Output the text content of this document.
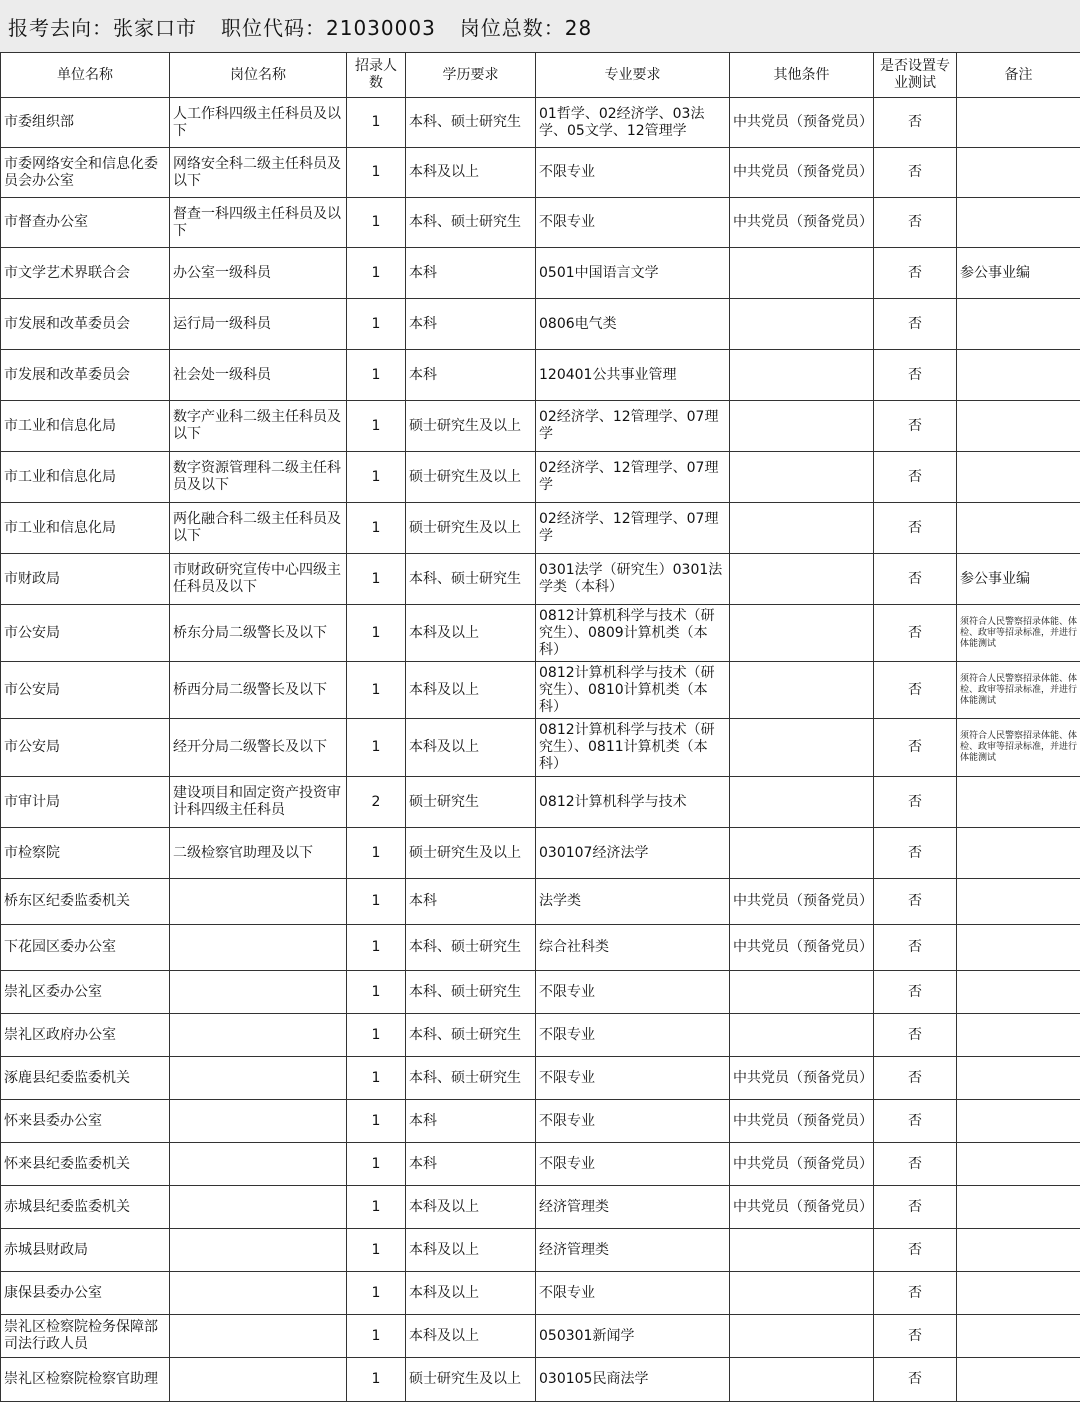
报考去向：张家口市 职位代码：21030003 岗位总数：28
单位名称	岗位名称	招录人数	学历要求	专业要求	其他条件	是否设置专业测试	备注
市委组织部	人工作科四级主任科员及以下	1	本科、硕士研究生	01哲学、02经济学、03法学、05文学、12管理学	中共党员（预备党员）	否	
市委网络安全和信息化委员会办公室	网络安全科二级主任科员及以下	1	本科及以上	不限专业	中共党员（预备党员）	否	
市督查办公室	督查一科四级主任科员及以下	1	本科、硕士研究生	不限专业	中共党员（预备党员）	否	
市文学艺术界联合会	办公室一级科员	1	本科	0501中国语言文学		否	参公事业编
市发展和改革委员会	运行局一级科员	1	本科	0806电气类		否	
市发展和改革委员会	社会处一级科员	1	本科	120401公共事业管理		否	
市工业和信息化局	数字产业科二级主任科员及以下	1	硕士研究生及以上	02经济学、12管理学、07理学		否	
市工业和信息化局	数字资源管理科二级主任科员及以下	1	硕士研究生及以上	02经济学、12管理学、07理学		否	
市工业和信息化局	两化融合科二级主任科员及以下	1	硕士研究生及以上	02经济学、12管理学、07理学		否	
市财政局	市财政研究宣传中心四级主任科员及以下	1	本科、硕士研究生	0301法学（研究生）0301法学类（本科）		否	参公事业编
市公安局	桥东分局二级警长及以下	1	本科及以上	0812计算机科学与技术（研究生）、0809计算机类（本科）		否	须符合人民警察招录体能、体检、政审等招录标准，并进行体能测试
市公安局	桥西分局二级警长及以下	1	本科及以上	0812计算机科学与技术（研究生）、0810计算机类（本科）		否	须符合人民警察招录体能、体检、政审等招录标准，并进行体能测试
市公安局	经开分局二级警长及以下	1	本科及以上	0812计算机科学与技术（研究生）、0811计算机类（本科）		否	须符合人民警察招录体能、体检、政审等招录标准，并进行体能测试
市审计局	建设项目和固定资产投资审计科四级主任科员	2	硕士研究生	0812计算机科学与技术		否	
市检察院	二级检察官助理及以下	1	硕士研究生及以上	030107经济法学		否	
桥东区纪委监委机关		1	本科	法学类	中共党员（预备党员）	否	
下花园区委办公室		1	本科、硕士研究生	综合社科类	中共党员（预备党员）	否	
崇礼区委办公室		1	本科、硕士研究生	不限专业		否	
崇礼区政府办公室		1	本科、硕士研究生	不限专业		否	
涿鹿县纪委监委机关		1	本科、硕士研究生	不限专业	中共党员（预备党员）	否	
怀来县委办公室		1	本科	不限专业	中共党员（预备党员）	否	
怀来县纪委监委机关		1	本科	不限专业	中共党员（预备党员）	否	
赤城县纪委监委机关		1	本科及以上	经济管理类	中共党员（预备党员）	否	
赤城县财政局		1	本科及以上	经济管理类		否	
康保县委办公室		1	本科及以上	不限专业		否	
崇礼区检察院检务保障部司法行政人员		1	本科及以上	050301新闻学		否	
崇礼区检察院检察官助理		1	硕士研究生及以上	030105民商法学		否	
